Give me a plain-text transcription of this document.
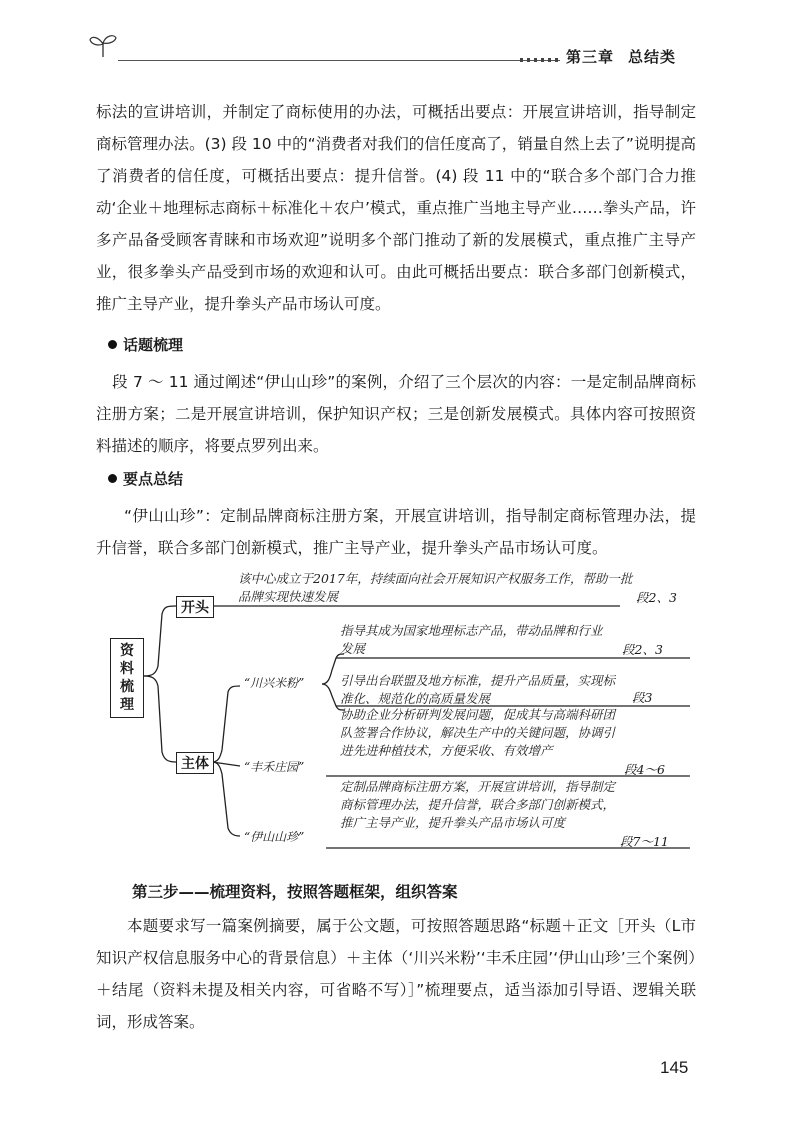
第三章 总结类
标法的宣讲培训，并制定了商标使用的办法，可概括出要点：开展宣讲培训，指导制定商标管理办法。(3) 段 10 中的“消费者对我们的信任度高了，销量自然上去了”说明提高了消费者的信任度，可概括出要点：提升信誉。(4) 段 11 中的“联合多个部门合力推动‘企业＋地理标志商标＋标准化＋农户’模式，重点推广当地主导产业……拳头产品，许多产品备受顾客青睐和市场欢迎”说明多个部门推动了新的发展模式，重点推广主导产业，很多拳头产品受到市场的欢迎和认可。由此可概括出要点：联合多部门创新模式，推广主导产业，提升拳头产品市场认可度。
话题梳理
段 7 ～ 11 通过阐述“伊山山珍”的案例，介绍了三个层次的内容：一是定制品牌商标注册方案；二是开展宣讲培训，保护知识产权；三是创新发展模式。具体内容可按照资料描述的顺序，将要点罗列出来。
要点总结
“伊山山珍”：定制品牌商标注册方案，开展宣讲培训，指导制定商标管理办法，提升信誉，联合多部门创新模式，推广主导产业，提升拳头产品市场认可度。
资
料
梳
理
开头
该中心成立于2017年，持续面向社会开展知识产权服务工作，帮助一批品牌实现快速发展	段2、3
主体
“川兴米粉”
指导其成为国家地理标志产品，带动品牌和行业发展	段2、3
引导出台联盟及地方标准，提升产品质量，实现标准化、规范化的高质量发展	段3
“丰禾庄园”
协助企业分析研判发展问题，促成其与高端科研团队签署合作协议，解决生产中的关键问题，协调引进先进种植技术，方便采收、有效增产
段4～6
“伊山山珍”
定制品牌商标注册方案，开展宣讲培训，指导制定商标管理办法，提升信誉，联合多部门创新模式，推广主导产业，提升拳头产品市场认可度
段7～11
第三步——梳理资料，按照答题框架，组织答案
本题要求写一篇案例摘要，属于公文题，可按照答题思路“标题＋正文［开头（L市知识产权信息服务中心的背景信息）＋主体（‘川兴米粉’‘丰禾庄园’‘伊山山珍’三个案例）＋结尾（资料未提及相关内容，可省略不写）］”梳理要点，适当添加引导语、逻辑关联词，形成答案。
145
